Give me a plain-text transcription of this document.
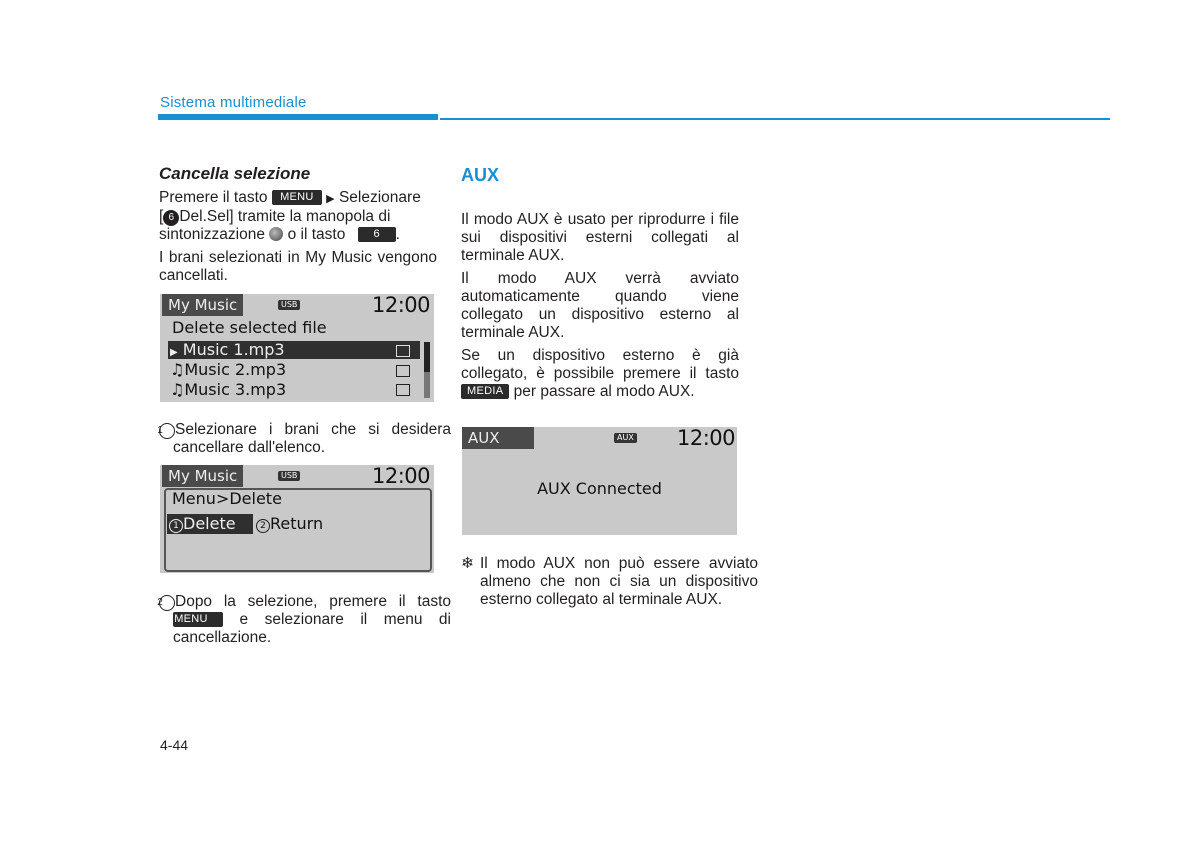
Sistema multimediale

Cancella selezione

Premere il tasto MENU ▶ Selezionare
[ 6 Del.Sel] tramite la manopola di
sintonizzazione o il tasto	6 .

I brani selezionati in My Music vengono cancellati.

My Music	USB	12:00
Delete selected file
▶ Music 1.mp3
♫Music 2.mp3
♫Music 3.mp3
1 Selezionare i brani che si desidera cancellare dall'elenco.
My Music	USB	12:00
Menu>Delete
1 Delete	2 Return
2 Dopo la selezione, premere il tasto MENU e selezionare il menu di cancellazione.
AUX

Il modo AUX è usato per riprodurre i file sui dispositivi esterni collegati al terminale AUX.

Il modo AUX verrà avviato automaticamente quando viene collegato un dispositivo esterno al terminale AUX.

Se un dispositivo esterno è già collegato, è possibile premere il tasto MEDIA per passare al modo AUX.

AUX	AUX 12:00
AUX Connected
❄ Il modo AUX non può essere avviato almeno che non ci sia un dispositivo esterno collegato al terminale AUX.
4-44
